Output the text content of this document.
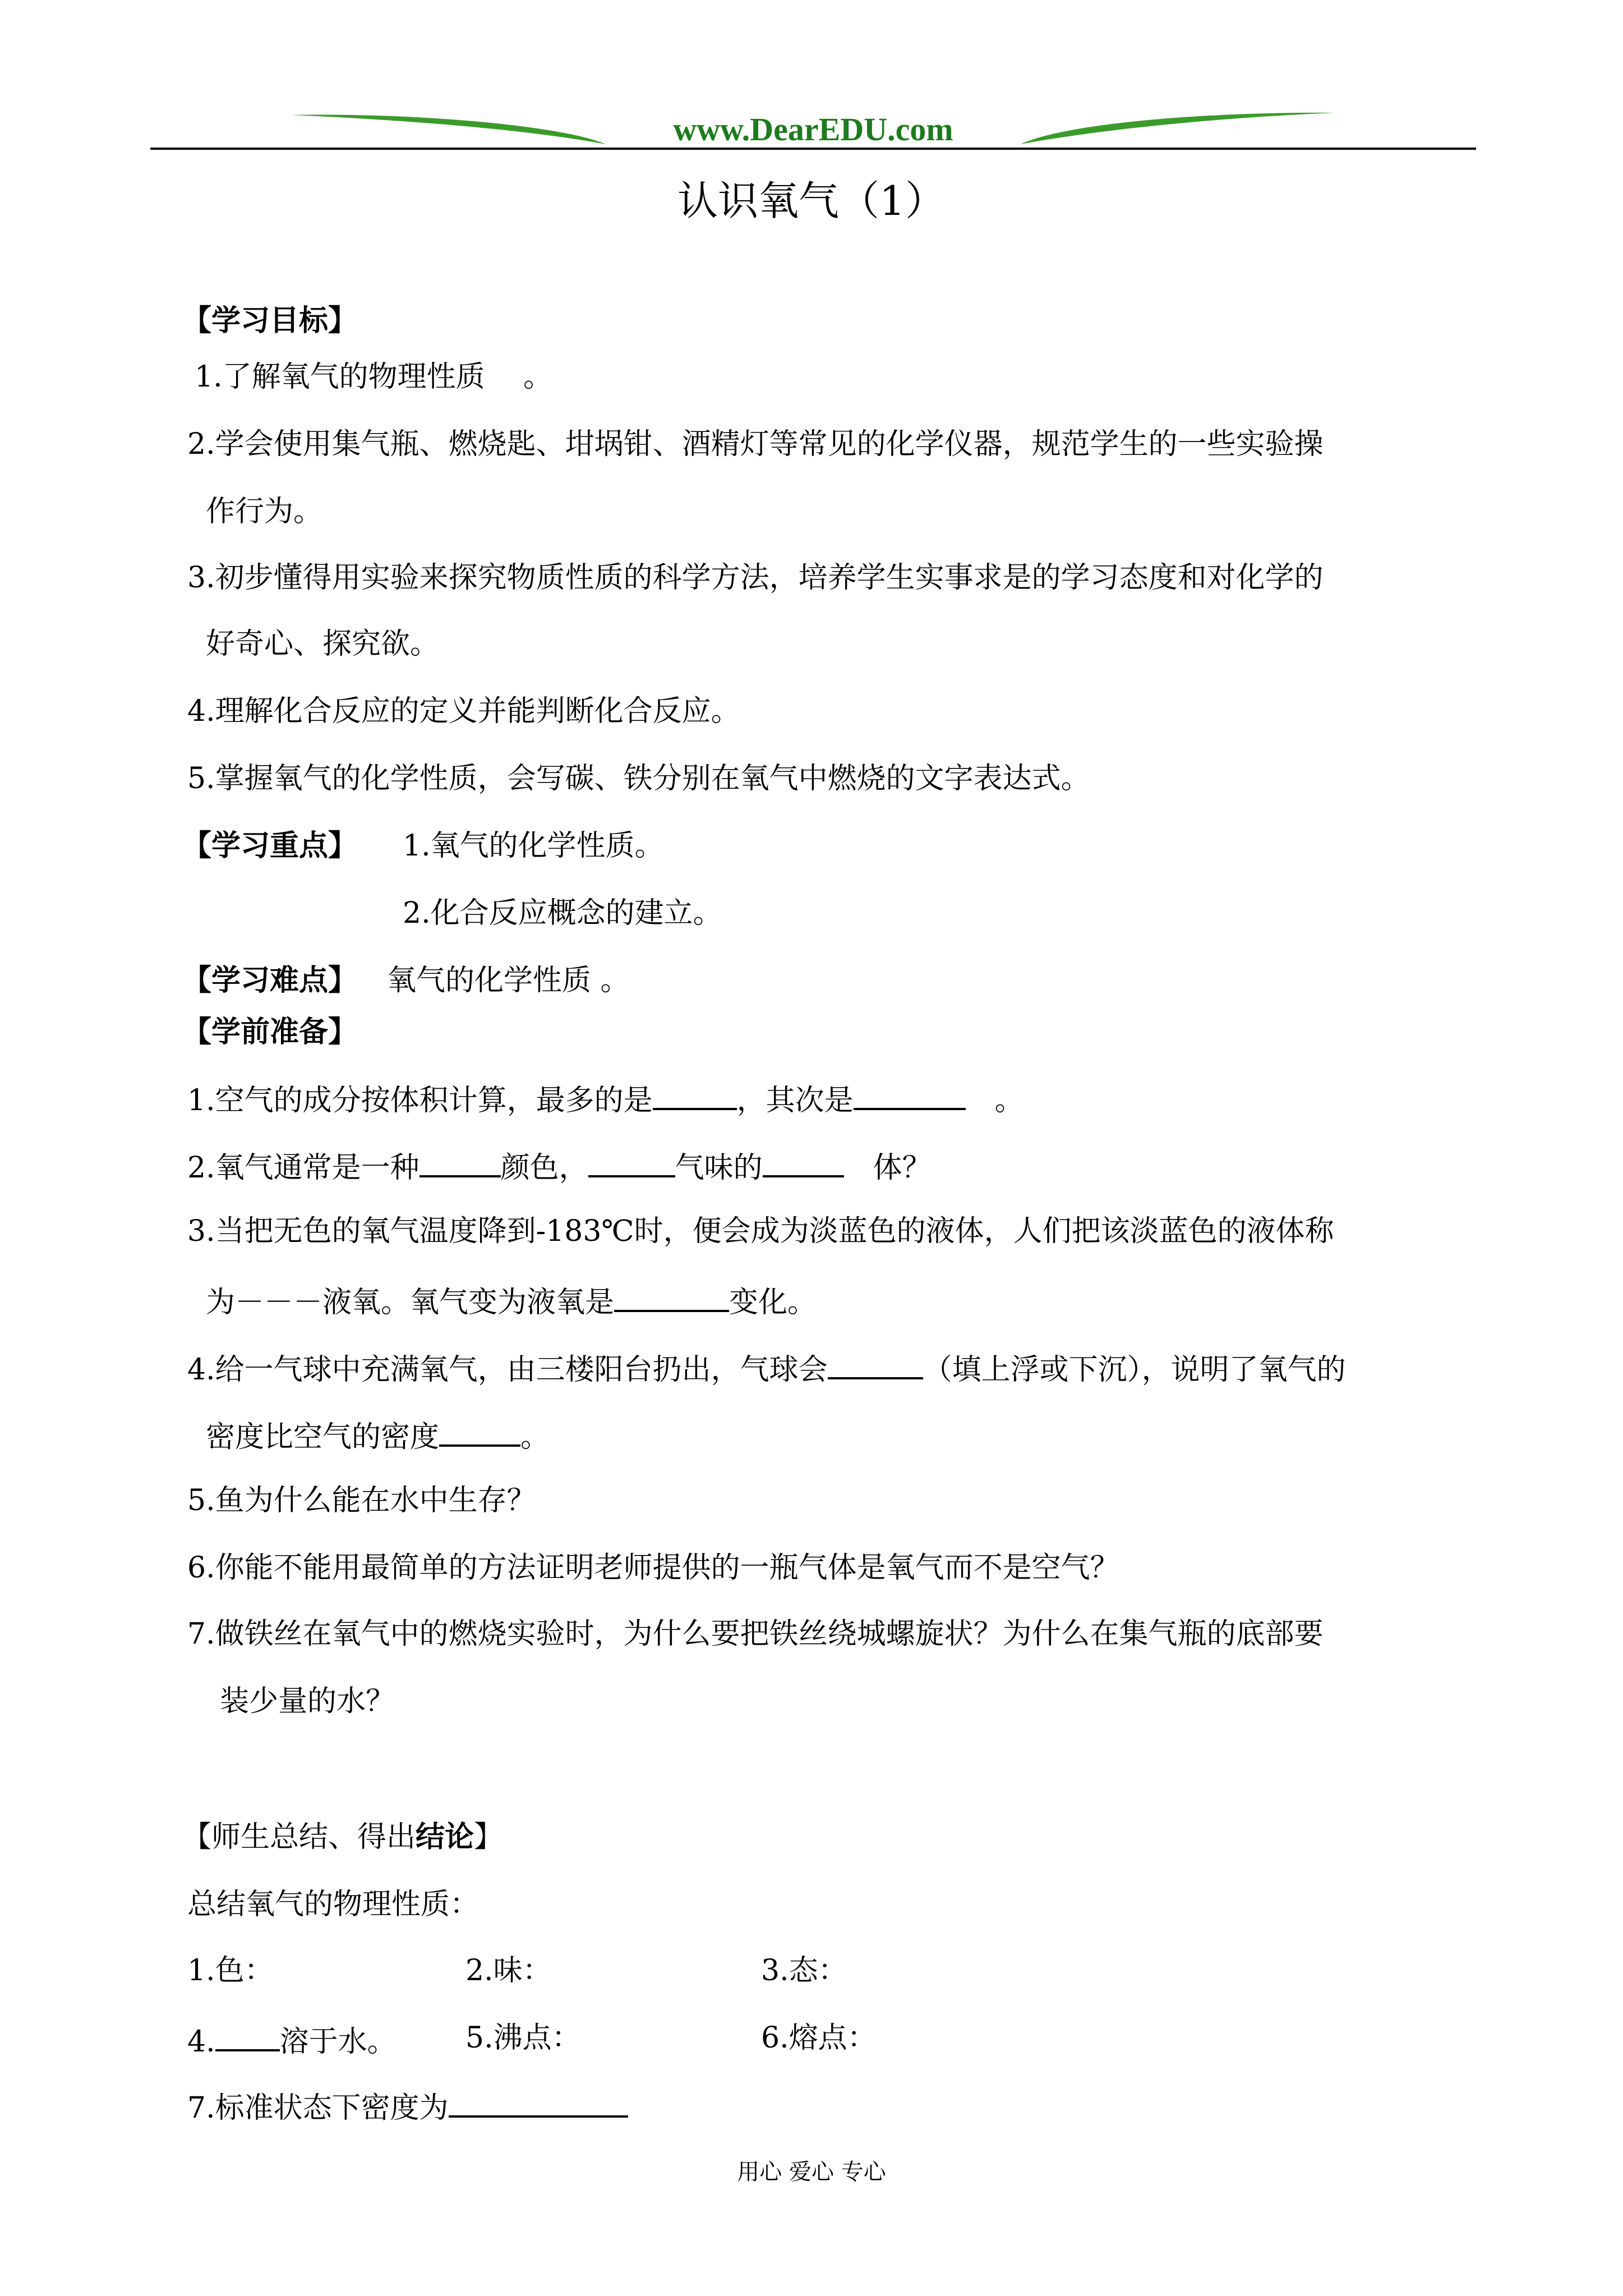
www.DearEDU.com
认识氧气（1）
【学习目标】
1.了解氧气的物理性质　 。
2.学会使用集气瓶、燃烧匙、坩埚钳、酒精灯等常见的化学仪器，规范学生的一些实验操
作行为。
3.初步懂得用实验来探究物质性质的科学方法，培养学生实事求是的学习态度和对化学的
好奇心、探究欲。
4.理解化合反应的定义并能判断化合反应。
5.掌握氧气的化学性质，会写碳、铁分别在氧气中燃烧的文字表达式。
【学习重点】 1.氧气的化学性质。
2.化合反应概念的建立。
【学习难点】 氧气的化学性质 。
【学前准备】
1.空气的成分按体积计算，最多的是	，其次是	　。
2.氧气通常是一种	颜色，	气味的	　体？
3.当把无色的氧气温度降到-183℃时，便会成为淡蓝色的液体，人们把该淡蓝色的液体称
为－－－液氧。氧气变为液氧是	变化。
4.给一气球中充满氧气，由三楼阳台扔出，气球会	（填上浮或下沉），说明了氧气的
密度比空气的密度	。
5.鱼为什么能在水中生存？
6.你能不能用最简单的方法证明老师提供的一瓶气体是氧气而不是空气？
7.做铁丝在氧气中的燃烧实验时，为什么要把铁丝绕城螺旋状？为什么在集气瓶的底部要
装少量的水？
【师生总结、得出结论】
总结氧气的物理性质：
1.色：	2.味：	3.态：
4. 溶于水。 5.沸点：	6.熔点：
7.标准状态下密度为
用心 爱心 专心
